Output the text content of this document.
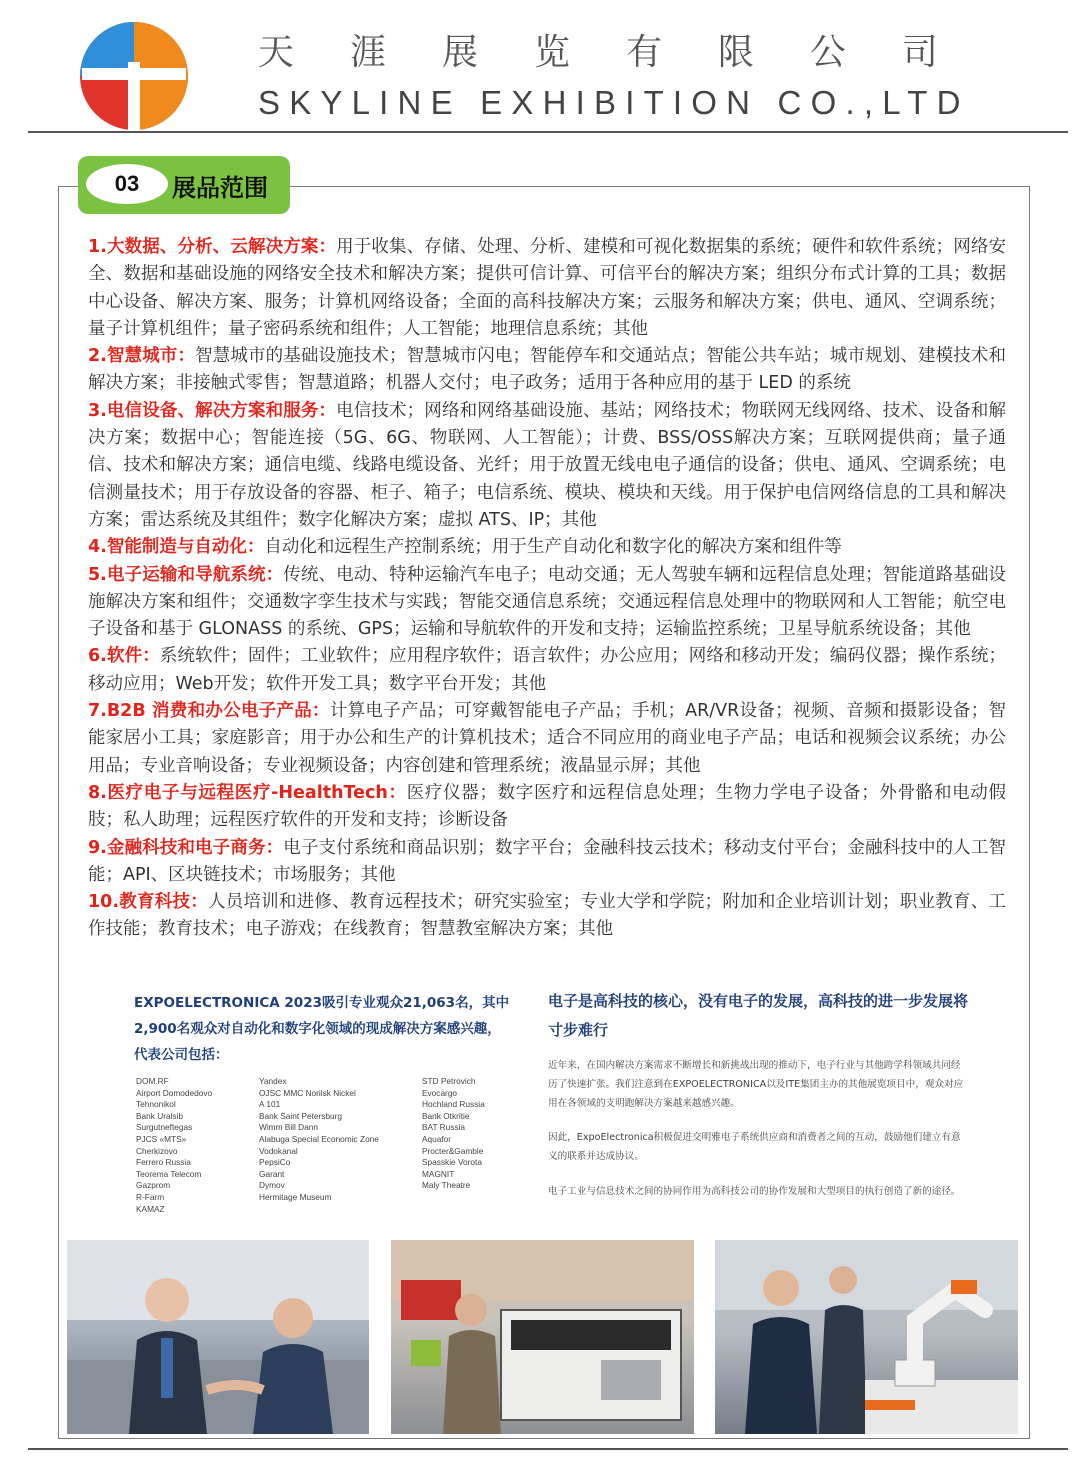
天 涯 展 览 有 限 公 司
SKYLINE EXHIBITION CO.,LTD
03	展品范围

1.大数据、分析、云解决方案：用于收集、存储、处理、分析、建模和可视化数据集的系统；硬件和软件系统；网络安全、数据和基础设施的网络安全技术和解决方案；提供可信计算、可信平台的解决方案；组织分布式计算的工具；数据中心设备、解决方案、服务；计算机网络设备；全面的高科技解决方案；云服务和解决方案；供电、通风、空调系统；量子计算机组件；量子密码系统和组件；人工智能；地理信息系统；其他

2.智慧城市：智慧城市的基础设施技术；智慧城市闪电；智能停车和交通站点；智能公共车站；城市规划、建模技术和解决方案；非接触式零售；智慧道路；机器人交付；电子政务；适用于各种应用的基于 LED 的系统

3.电信设备、解决方案和服务：电信技术；网络和网络基础设施、基站；网络技术；物联网无线网络、技术、设备和解决方案；数据中心；智能连接（5G、6G、物联网、人工智能）；计费、BSS/OSS解决方案；互联网提供商；量子通信、技术和解决方案；通信电缆、线路电缆设备、光纤；用于放置无线电电子通信的设备；供电、通风、空调系统；电信测量技术；用于存放设备的容器、柜子、箱子；电信系统、模块、模块和天线。用于保护电信网络信息的工具和解决方案；雷达系统及其组件；数字化解决方案；虚拟 ATS、IP；其他

4.智能制造与自动化：自动化和远程生产控制系统；用于生产自动化和数字化的解决方案和组件等

5.电子运输和导航系统：传统、电动、特种运输汽车电子；电动交通；无人驾驶车辆和远程信息处理；智能道路基础设施解决方案和组件；交通数字孪生技术与实践；智能交通信息系统；交通远程信息处理中的物联网和人工智能；航空电子设备和基于 GLONASS 的系统、GPS；运输和导航软件的开发和支持；运输监控系统；卫星导航系统设备；其他

6.软件：系统软件；固件；工业软件；应用程序软件；语言软件；办公应用；网络和移动开发；编码仪器；操作系统；移动应用；Web开发；软件开发工具；数字平台开发；其他

7.B2B 消费和办公电子产品：计算电子产品；可穿戴智能电子产品；手机；AR/VR设备；视频、音频和摄影设备；智能家居小工具；家庭影音；用于办公和生产的计算机技术；适合不同应用的商业电子产品；电话和视频会议系统；办公用品；专业音响设备；专业视频设备；内容创建和管理系统；液晶显示屏；其他

8.医疗电子与远程医疗-HealthTech：医疗仪器；数字医疗和远程信息处理；生物力学电子设备；外骨骼和电动假肢；私人助理；远程医疗软件的开发和支持；诊断设备

9.金融科技和电子商务：电子支付系统和商品识别；数字平台；金融科技云技术；移动支付平台；金融科技中的人工智能；API、区块链技术；市场服务；其他

10.教育科技：人员培训和进修、教育远程技术；研究实验室；专业大学和学院；附加和企业培训计划；职业教育、工作技能；教育技术；电子游戏；在线教育；智慧教室解决方案；其他

EXPOELECTRONICA 2023吸引专业观众21,063名，其中2,900名观众对自动化和数字化领域的现成解决方案感兴趣，代表公司包括：
DOM.RF
Airport Domodedovo
Tehnonikol
Bank Uralsib
Surgutneftegas
PJCS «MTS»
Cherkizovo
Ferrero Russia
Teorema Telecom
Gazprom
R-Farm
KAMAZ
Yandex
OJSC MMC Norilsk Nickel
A 101
Bank Saint Petersburg
Wimm Bill Dann
Alabuga Special Economic Zone
Vodokanal
PepsiCo
Garant
Dymov
Hermitage Museum
STD Petrovich
Evocargo
Hochland Russia
Bank Otkritie
BAT Russia
Aquafor
Procter&Gamble
Spasskie Vorota
MAGNIT
Maly Theatre
电子是高科技的核心，没有电子的发展，高科技的进一步发展将寸步难行
近年来，在国内解决方案需求不断增长和新挑战出现的推动下，电子行业与其他跨学科领域共同经历了快速扩张。我们注意到在EXPOELECTRONICA以及ITE集团主办的其他展览项目中，观众对应用在各领域的支明跑解决方案越来越感兴趣。
因此，ExpoElectronica积极促进交明雅电子系统供应商和消费者之间的互动，鼓励他们建立有意义的联系并达成协议。
电子工业与信息技术之间的协同作用为高科技公司的协作发展和大型项目的执行创造了新的途径。
